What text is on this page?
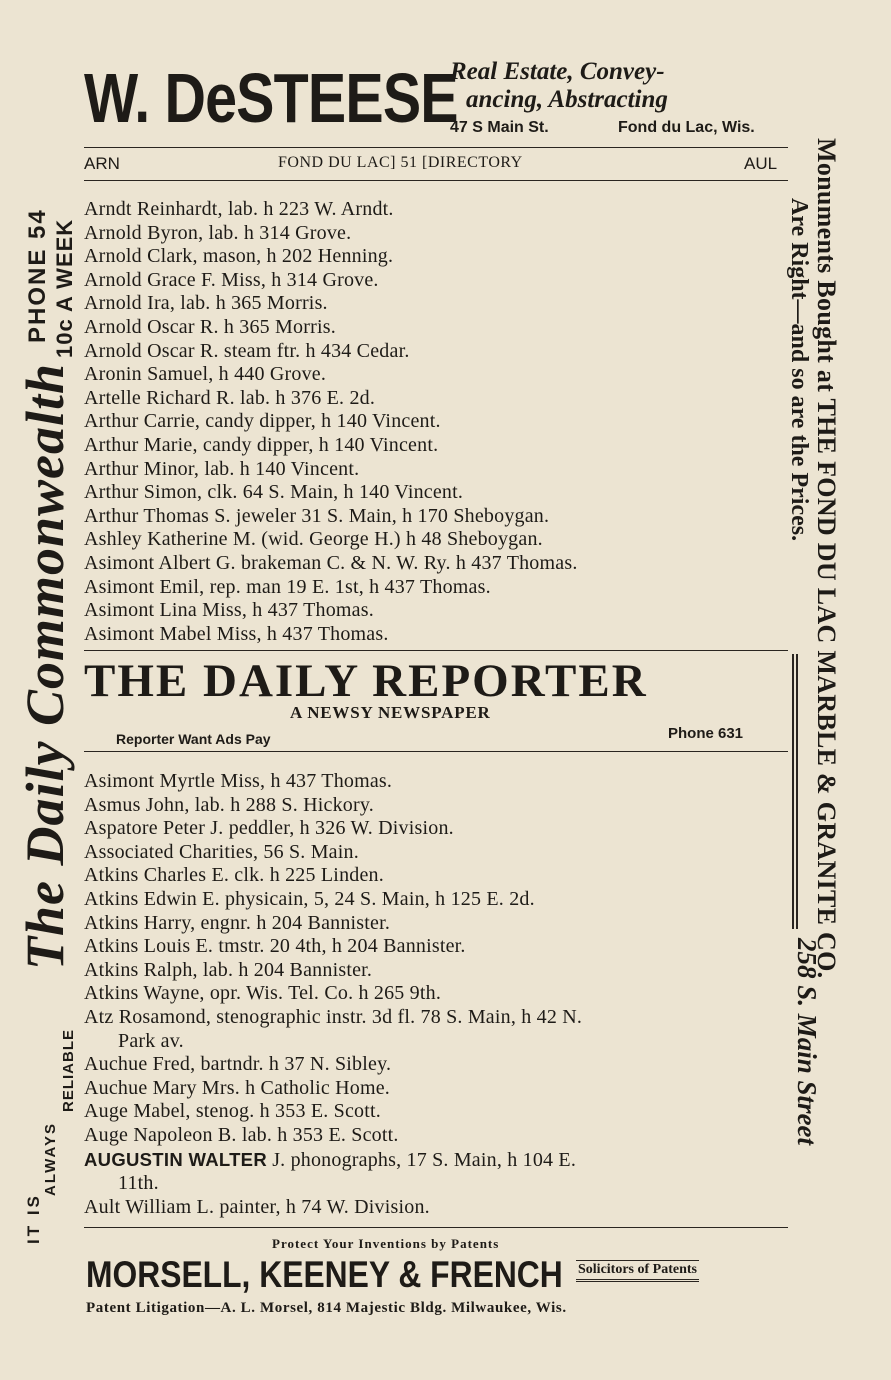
W. DeSTEESE
Real Estate, Convey-
ancing, Abstracting
47 S Main St.	Fond du Lac, Wis.
ARN	FOND DU LAC] 51 [DIRECTORY	AUL
Arndt Reinhardt, lab. h 223 W. Arndt.
Arnold Byron, lab. h 314 Grove.
Arnold Clark, mason, h 202 Henning.
Arnold Grace F. Miss, h 314 Grove.
Arnold Ira, lab. h 365 Morris.
Arnold Oscar R. h 365 Morris.
Arnold Oscar R. steam ftr. h 434 Cedar.
Aronin Samuel, h 440 Grove.
Artelle Richard R. lab. h 376 E. 2d.
Arthur Carrie, candy dipper, h 140 Vincent.
Arthur Marie, candy dipper, h 140 Vincent.
Arthur Minor, lab. h 140 Vincent.
Arthur Simon, clk. 64 S. Main, h 140 Vincent.
Arthur Thomas S. jeweler 31 S. Main, h 170 Sheboygan.
Ashley Katherine M. (wid. George H.) h 48 Sheboygan.
Asimont Albert G. brakeman C. & N. W. Ry. h 437 Thomas.
Asimont Emil, rep. man 19 E. 1st, h 437 Thomas.
Asimont Lina Miss, h 437 Thomas.
Asimont Mabel Miss, h 437 Thomas.
THE DAILY REPORTER
A NEWSY NEWSPAPER
Reporter Want Ads Pay	Phone 631
Asimont Myrtle Miss, h 437 Thomas.
Asmus John, lab. h 288 S. Hickory.
Aspatore Peter J. peddler, h 326 W. Division.
Associated Charities, 56 S. Main.
Atkins Charles E. clk. h 225 Linden.
Atkins Edwin E. physicain, 5, 24 S. Main, h 125 E. 2d.
Atkins Harry, engnr. h 204 Bannister.
Atkins Louis E. tmstr. 20 4th, h 204 Bannister.
Atkins Ralph, lab. h 204 Bannister.
Atkins Wayne, opr. Wis. Tel. Co. h 265 9th.
Atz Rosamond, stenographic instr. 3d fl. 78 S. Main, h 42 N.
Park av.
Auchue Fred, bartndr. h 37 N. Sibley.
Auchue Mary Mrs. h Catholic Home.
Auge Mabel, stenog. h 353 E. Scott.
Auge Napoleon B. lab. h 353 E. Scott.
AUGUSTIN WALTER J. phonographs, 17 S. Main, h 104 E.
11th.
Ault William L. painter, h 74 W. Division.
Protect Your Inventions by Patents
MORSELL, KEENEY & FRENCH Solicitors of Patents
Patent Litigation—A. L. Morsel, 814 Majestic Bldg. Milwaukee, Wis.
PHONE 54 10c A WEEK
The Daily Commonwealth
IT IS
ALWAYS
RELIABLE
Monuments Bought at THE FOND DU LAC MARBLE & GRANITE CO.
Are Right—and so are the Prices.
258 S. Main Street
